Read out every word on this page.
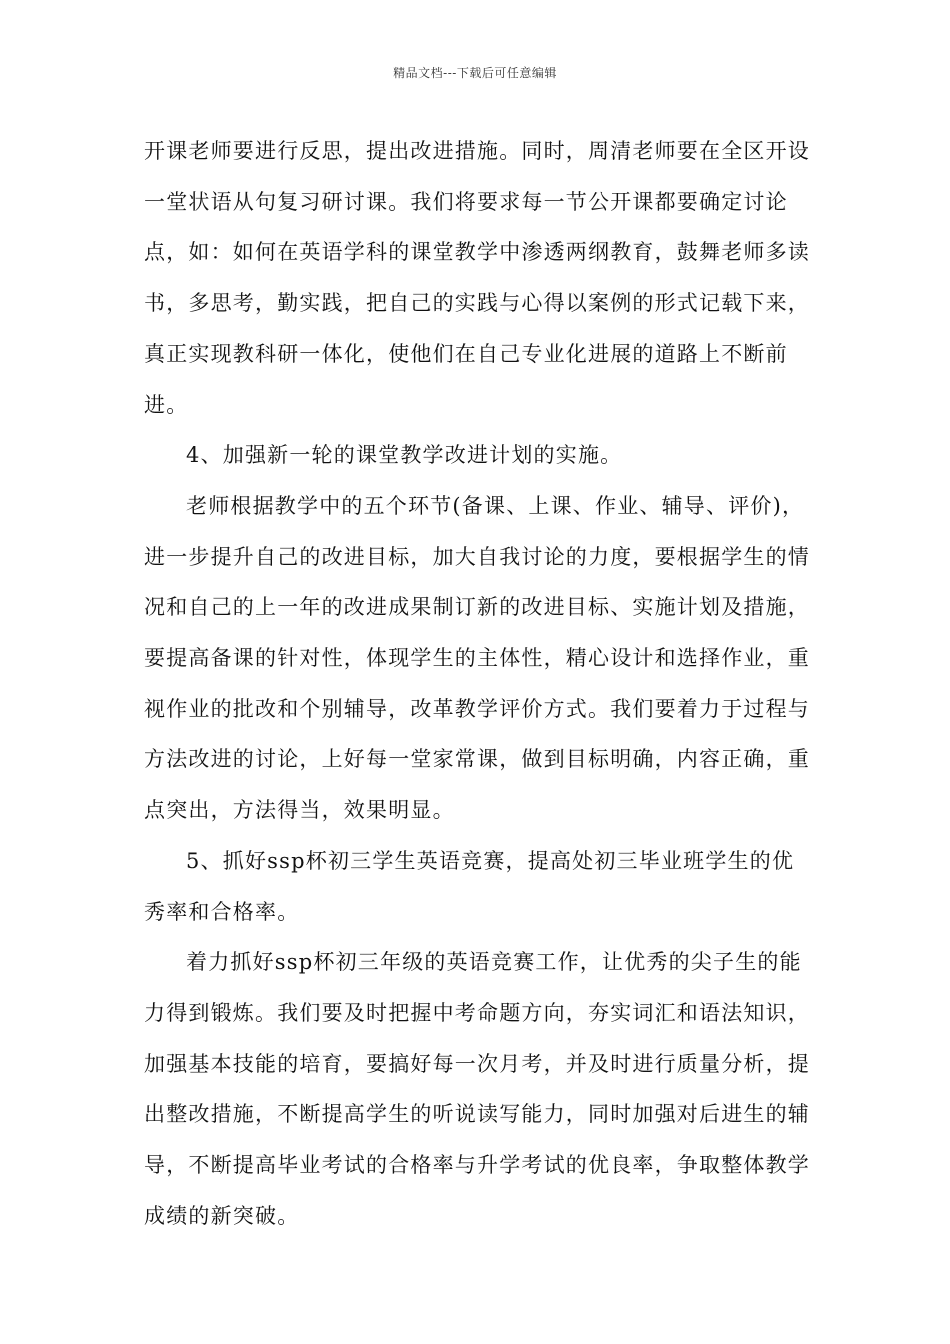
精品文档---下载后可任意编辑

开课老师要进行反思，提出改进措施。同时，周清老师要在全区开设一堂状语从句复习研讨课。我们将要求每一节公开课都要确定讨论点，如：如何在英语学科的课堂教学中渗透两纲教育，鼓舞老师多读书，多思考，勤实践，把自己的实践与心得以案例的形式记载下来，真正实现教科研一体化，使他们在自己专业化进展的道路上不断前进。

4、加强新一轮的课堂教学改进计划的实施。

老师根据教学中的五个环节(备课、上课、作业、辅导、评价)，进一步提升自己的改进目标，加大自我讨论的力度，要根据学生的情况和自己的上一年的改进成果制订新的改进目标、实施计划及措施，要提高备课的针对性，体现学生的主体性，精心设计和选择作业，重视作业的批改和个别辅导，改革教学评价方式。我们要着力于过程与方法改进的讨论，上好每一堂家常课，做到目标明确，内容正确，重点突出，方法得当，效果明显。

5、抓好ssp杯初三学生英语竞赛，提高处初三毕业班学生的优秀率和合格率。

着力抓好ssp杯初三年级的英语竞赛工作，让优秀的尖子生的能力得到锻炼。我们要及时把握中考命题方向，夯实词汇和语法知识，加强基本技能的培育，要搞好每一次月考，并及时进行质量分析，提出整改措施，不断提高学生的听说读写能力，同时加强对后进生的辅导，不断提高毕业考试的合格率与升学考试的优良率，争取整体教学成绩的新突破。
